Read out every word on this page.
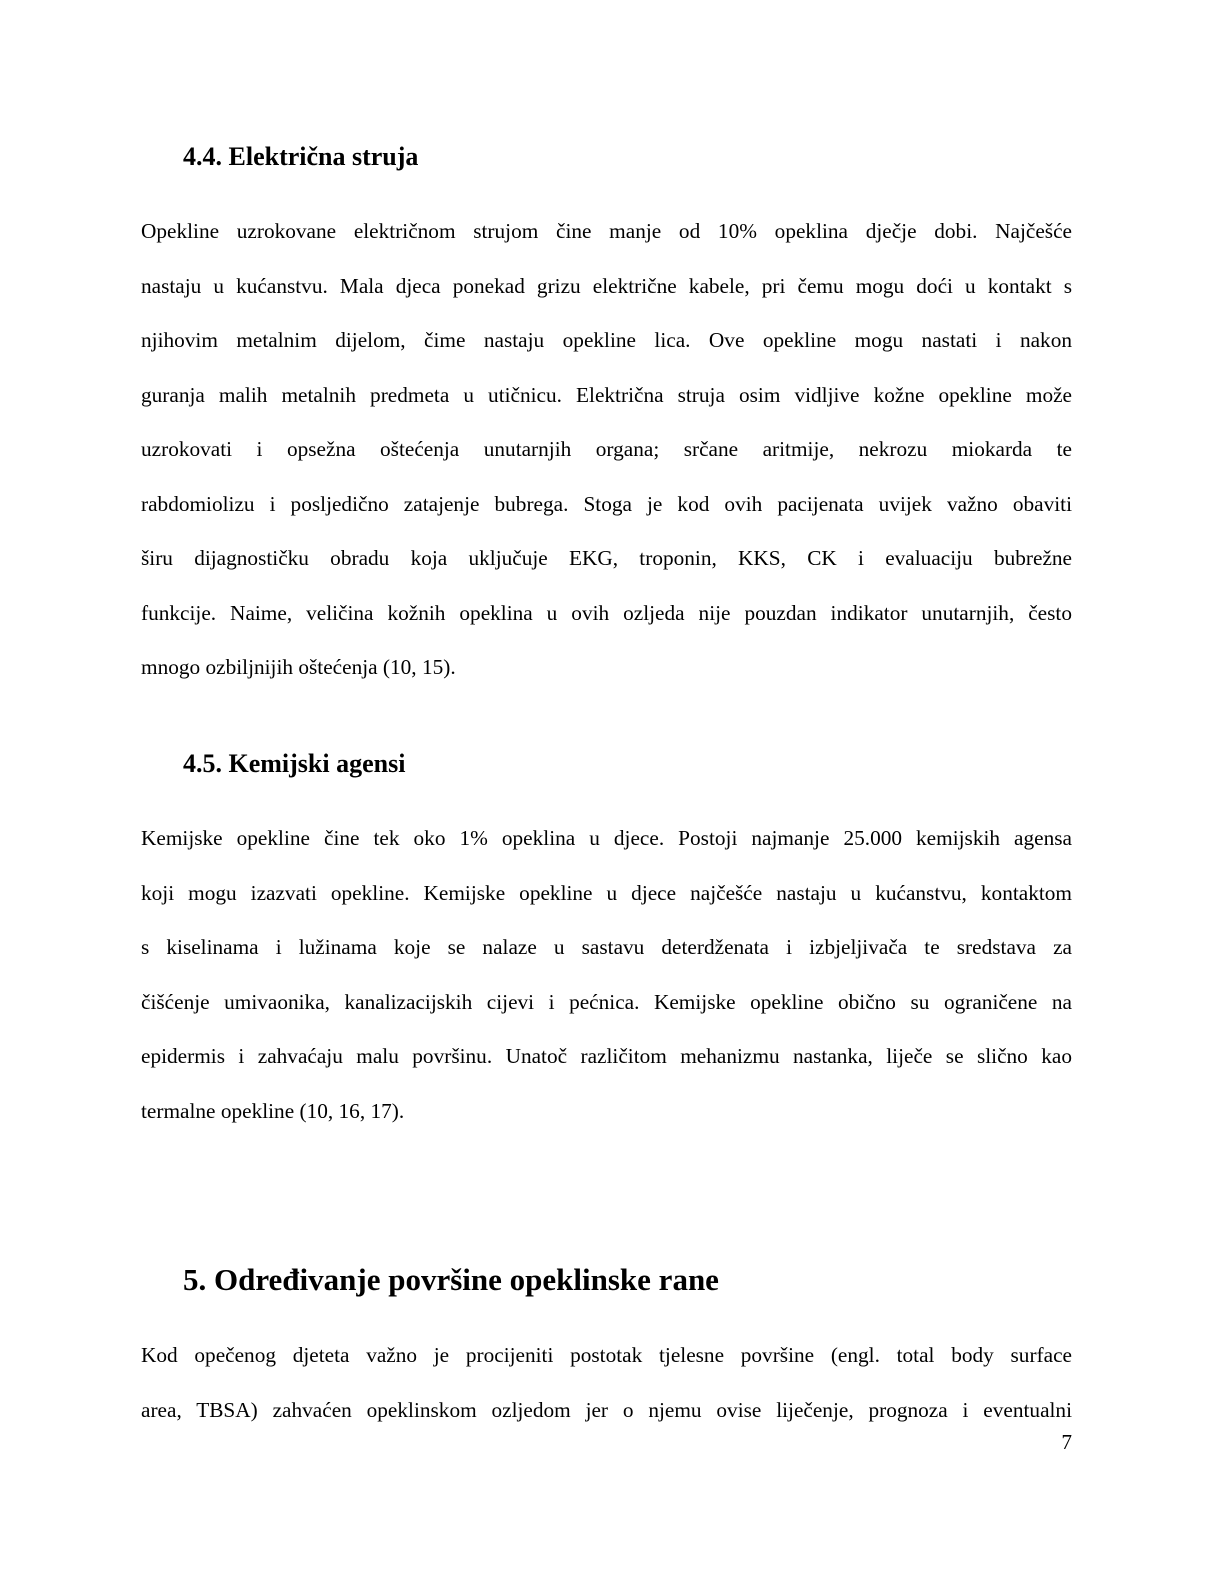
4.4. Električna struja
Opekline uzrokovane električnom strujom čine manje od 10% opeklina dječje dobi. Najčešće
nastaju u kućanstvu. Mala djeca ponekad grizu električne kabele, pri čemu mogu doći u kontakt s
njihovim metalnim dijelom, čime nastaju opekline lica. Ove opekline mogu nastati i nakon
guranja malih metalnih predmeta u utičnicu. Električna struja osim vidljive kožne opekline može
uzrokovati i opsežna oštećenja unutarnjih organa; srčane aritmije, nekrozu miokarda te
rabdomiolizu i posljedično zatajenje bubrega. Stoga je kod ovih pacijenata uvijek važno obaviti
širu dijagnostičku obradu koja uključuje EKG, troponin, KKS, CK i evaluaciju bubrežne
funkcije. Naime, veličina kožnih opeklina u ovih ozljeda nije pouzdan indikator unutarnjih, često
mnogo ozbiljnijih oštećenja (10, 15).
4.5. Kemijski agensi
Kemijske opekline čine tek oko 1% opeklina u djece. Postoji najmanje 25.000 kemijskih agensa
koji mogu izazvati opekline. Kemijske opekline u djece najčešće nastaju u kućanstvu, kontaktom
s kiselinama i lužinama koje se nalaze u sastavu deterdženata i izbjeljivača te sredstava za
čišćenje umivaonika, kanalizacijskih cijevi i pećnica. Kemijske opekline obično su ograničene na
epidermis i zahvaćaju malu površinu. Unatoč različitom mehanizmu nastanka, liječe se slično kao
termalne opekline (10, 16, 17).
5. Određivanje površine opeklinske rane
Kod opečenog djeteta važno je procijeniti postotak tjelesne površine (engl. total body surface
area, TBSA) zahvaćen opeklinskom ozljedom jer o njemu ovise liječenje, prognoza i eventualni
7
